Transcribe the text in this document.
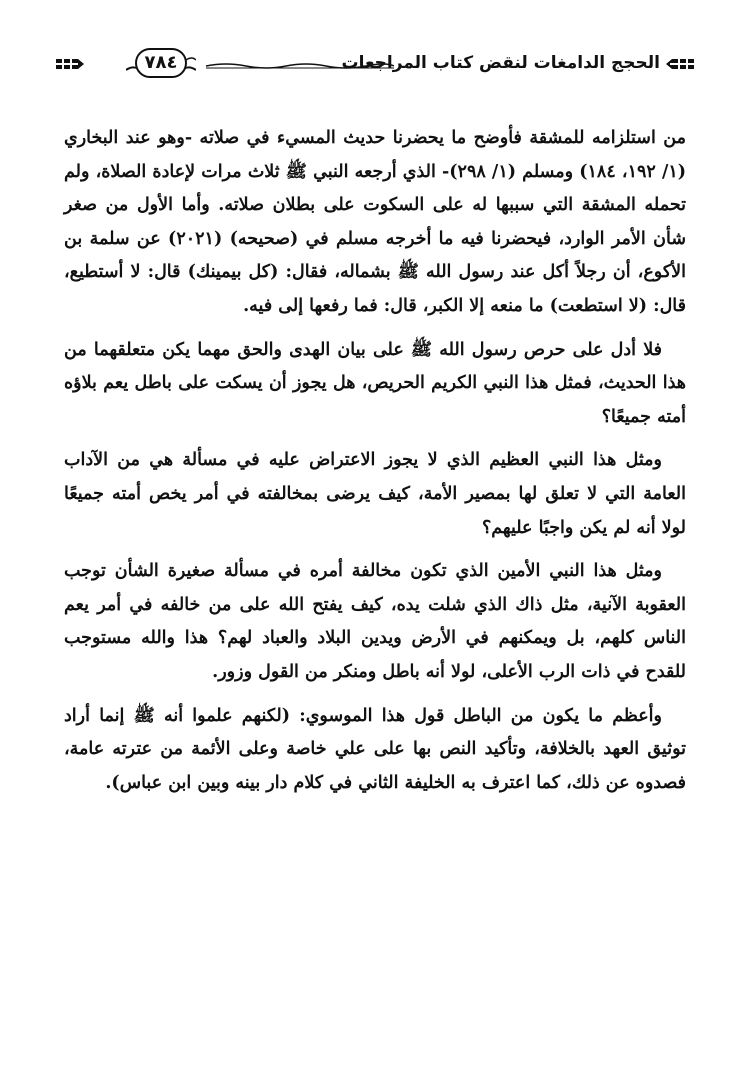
٧٨٤	الحجج الدامغات لنقض كتاب المراجعات

من استلزامه للمشقة فأوضح ما يحضرنا حديث المسيء في صلاته -وهو عند البخاري (١/ ١٩٢، ١٨٤) ومسلم (١/ ٢٩٨)- الذي أرجعه النبي ﷺ ثلاث مرات لإعادة الصلاة، ولم تحمله المشقة التي سببها له على السكوت على بطلان صلاته. وأما الأول من صغر شأن الأمر الوارد، فيحضرنا فيه ما أخرجه مسلم في (صحيحه) (٢٠٢١) عن سلمة بن الأكوع، أن رجلاً أكل عند رسول الله ﷺ بشماله، فقال: (كل بيمينك) قال: لا أستطيع، قال: (لا استطعت) ما منعه إلا الكبر، قال: فما رفعها إلى فيه.

فلا أدل على حرص رسول الله ﷺ على بيان الهدى والحق مهما يكن متعلقهما من هذا الحديث، فمثل هذا النبي الكريم الحريص، هل يجوز أن يسكت على باطل يعم بلاؤه أمته جميعًا؟

ومثل هذا النبي العظيم الذي لا يجوز الاعتراض عليه في مسألة هي من الآداب العامة التي لا تعلق لها بمصير الأمة، كيف يرضى بمخالفته في أمر يخص أمته جميعًا لولا أنه لم يكن واجبًا عليهم؟

ومثل هذا النبي الأمين الذي تكون مخالفة أمره في مسألة صغيرة الشأن توجب العقوبة الآنية، مثل ذاك الذي شلت يده، كيف يفتح الله على من خالفه في أمر يعم الناس كلهم، بل ويمكنهم في الأرض ويدين البلاد والعباد لهم؟ هذا والله مستوجب للقدح في ذات الرب الأعلى، لولا أنه باطل ومنكر من القول وزور.

وأعظم ما يكون من الباطل قول هذا الموسوي: (لكنهم علموا أنه ﷺ إنما أراد توثيق العهد بالخلافة، وتأكيد النص بها على علي خاصة وعلى الأئمة من عترته عامة، فصدوه عن ذلك، كما اعترف به الخليفة الثاني في كلام دار بينه وبين ابن عباس).
